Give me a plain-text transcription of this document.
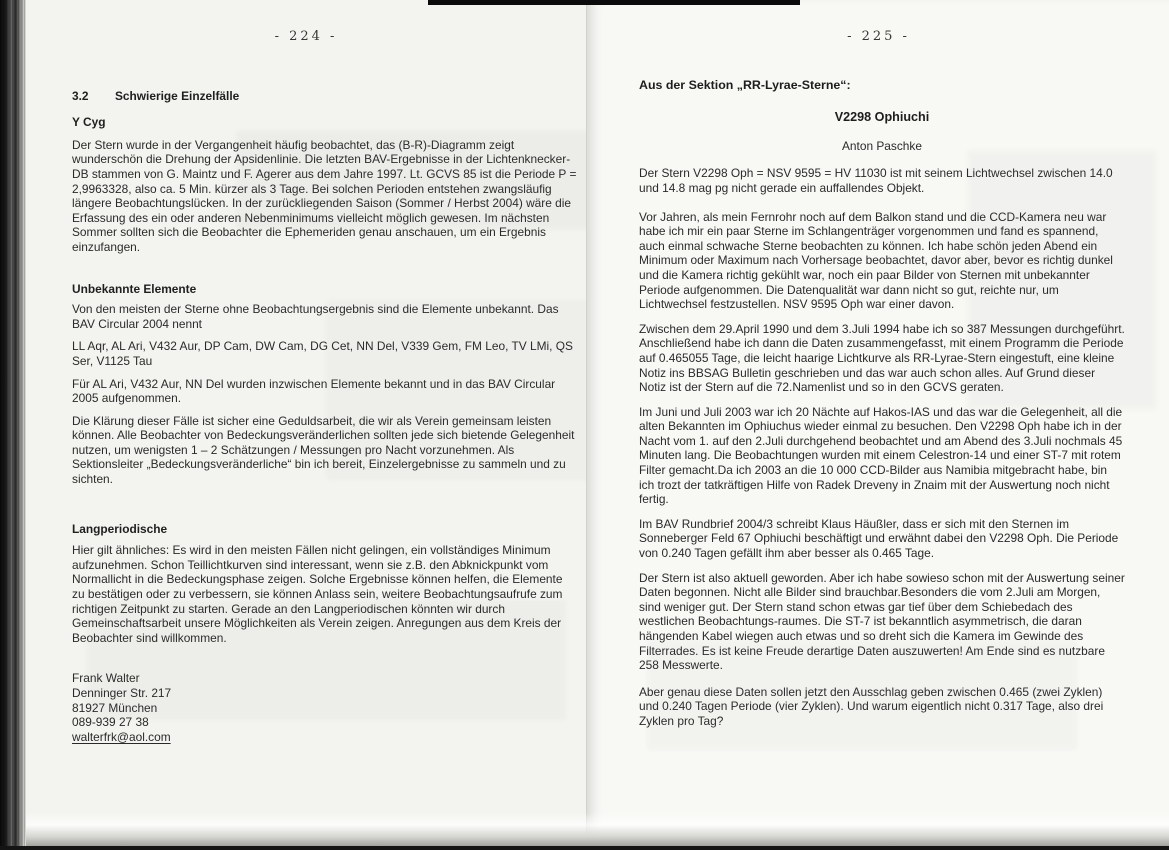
- 224 -
3.2 Schwierige Einzelfälle
Y Cyg

Der Stern wurde in der Vergangenheit häufig beobachtet, das (B-R)-Diagramm zeigt wunderschön die Drehung der Apsidenlinie. Die letzten BAV-Ergebnisse in der Lichtenknecker-DB stammen von G. Maintz und F. Agerer aus dem Jahre 1997. Lt. GCVS 85 ist die Periode P = 2,9963328, also ca. 5 Min. kürzer als 3 Tage. Bei solchen Perioden entstehen zwangsläufig längere Beobachtungslücken. In der zurückliegenden Saison (Sommer / Herbst 2004) wäre die Erfassung des ein oder anderen Nebenminimums vielleicht möglich gewesen. Im nächsten Sommer sollten sich die Beobachter die Ephemeriden genau anschauen, um ein Ergebnis einzufangen.

Unbekannte Elemente

Von den meisten der Sterne ohne Beobachtungsergebnis sind die Elemente unbekannt. Das BAV Circular 2004 nennt

LL Aqr, AL Ari, V432 Aur, DP Cam, DW Cam, DG Cet, NN Del, V339 Gem, FM Leo, TV LMi, QS Ser, V1125 Tau

Für AL Ari, V432 Aur, NN Del wurden inzwischen Elemente bekannt und in das BAV Circular 2005 aufgenommen.

Die Klärung dieser Fälle ist sicher eine Geduldsarbeit, die wir als Verein gemeinsam leisten können. Alle Beobachter von Bedeckungsveränderlichen sollten jede sich bietende Gelegenheit nutzen, um wenigsten 1 – 2 Schätzungen / Messungen pro Nacht vorzunehmen. Als Sektionsleiter „Bedeckungsveränderliche“ bin ich bereit, Einzelergebnisse zu sammeln und zu sichten.

Langperiodische

Hier gilt ähnliches: Es wird in den meisten Fällen nicht gelingen, ein vollständiges Minimum aufzunehmen. Schon Teillichtkurven sind interessant, wenn sie z.B. den Abknickpunkt vom Normallicht in die Bedeckungsphase zeigen. Solche Ergebnisse können helfen, die Elemente zu bestätigen oder zu verbessern, sie können Anlass sein, weitere Beobachtungsaufrufe zum richtigen Zeitpunkt zu starten. Gerade an den Langperiodischen könnten wir durch Gemeinschaftsarbeit unsere Möglichkeiten als Verein zeigen. Anregungen aus dem Kreis der Beobachter sind willkommen.

Frank Walter
Denninger Str. 217
81927 München
089-939 27 38
walterfrk@aol.com
- 225 -
Aus der Sektion „RR-Lyrae-Sterne“:
V2298 Ophiuchi
Anton Paschke

Der Stern V2298 Oph = NSV 9595 = HV 11030 ist mit seinem Lichtwechsel zwischen 14.0 und 14.8 mag pg nicht gerade ein auffallendes Objekt.

Vor Jahren, als mein Fernrohr noch auf dem Balkon stand und die CCD-Kamera neu war habe ich mir ein paar Sterne im Schlangenträger vorgenommen und fand es spannend, auch einmal schwache Sterne beobachten zu können. Ich habe schön jeden Abend ein Minimum oder Maximum nach Vorhersage beobachtet, davor aber, bevor es richtig dunkel und die Kamera richtig gekühlt war, noch ein paar Bilder von Sternen mit unbekannter Periode aufgenommen. Die Datenqualität war dann nicht so gut, reichte nur, um Lichtwechsel festzustellen. NSV 9595 Oph war einer davon.

Zwischen dem 29.April 1990 und dem 3.Juli 1994 habe ich so 387 Messungen durchgeführt. Anschließend habe ich dann die Daten zusammengefasst, mit einem Programm die Periode auf 0.465055 Tage, die leicht haarige Lichtkurve als RR-Lyrae-Stern eingestuft, eine kleine Notiz ins BBSAG Bulletin geschrieben und das war auch schon alles. Auf Grund dieser Notiz ist der Stern auf die 72.Namenlist und so in den GCVS geraten.

Im Juni und Juli 2003 war ich 20 Nächte auf Hakos-IAS und das war die Gelegenheit, all die alten Bekannten im Ophiuchus wieder einmal zu besuchen. Den V2298 Oph habe ich in der Nacht vom 1. auf den 2.Juli durchgehend beobachtet und am Abend des 3.Juli nochmals 45 Minuten lang. Die Beobachtungen wurden mit einem Celestron-14 und einer ST-7 mit rotem Filter gemacht.Da ich 2003 an die 10 000 CCD-Bilder aus Namibia mitgebracht habe, bin ich trozt der tatkräftigen Hilfe von Radek Dreveny in Znaim mit der Auswertung noch nicht fertig.

Im BAV Rundbrief 2004/3 schreibt Klaus Häußler, dass er sich mit den Sternen im Sonneberger Feld 67 Ophiuchi beschäftigt und erwähnt dabei den V2298 Oph. Die Periode von 0.240 Tagen gefällt ihm aber besser als 0.465 Tage.

Der Stern ist also aktuell geworden. Aber ich habe sowieso schon mit der Auswertung seiner Daten begonnen. Nicht alle Bilder sind brauchbar.Besonders die vom 2.Juli am Morgen, sind weniger gut. Der Stern stand schon etwas gar tief über dem Schiebedach des westlichen Beobachtungs-raumes. Die ST-7 ist bekanntlich asymmetrisch, die daran hängenden Kabel wiegen auch etwas und so dreht sich die Kamera im Gewinde des Filterrades. Es ist keine Freude derartige Daten auszuwerten! Am Ende sind es nutzbare 258 Messwerte.

Aber genau diese Daten sollen jetzt den Ausschlag geben zwischen 0.465 (zwei Zyklen) und 0.240 Tagen Periode (vier Zyklen). Und warum eigentlich nicht 0.317 Tage, also drei Zyklen pro Tag?
